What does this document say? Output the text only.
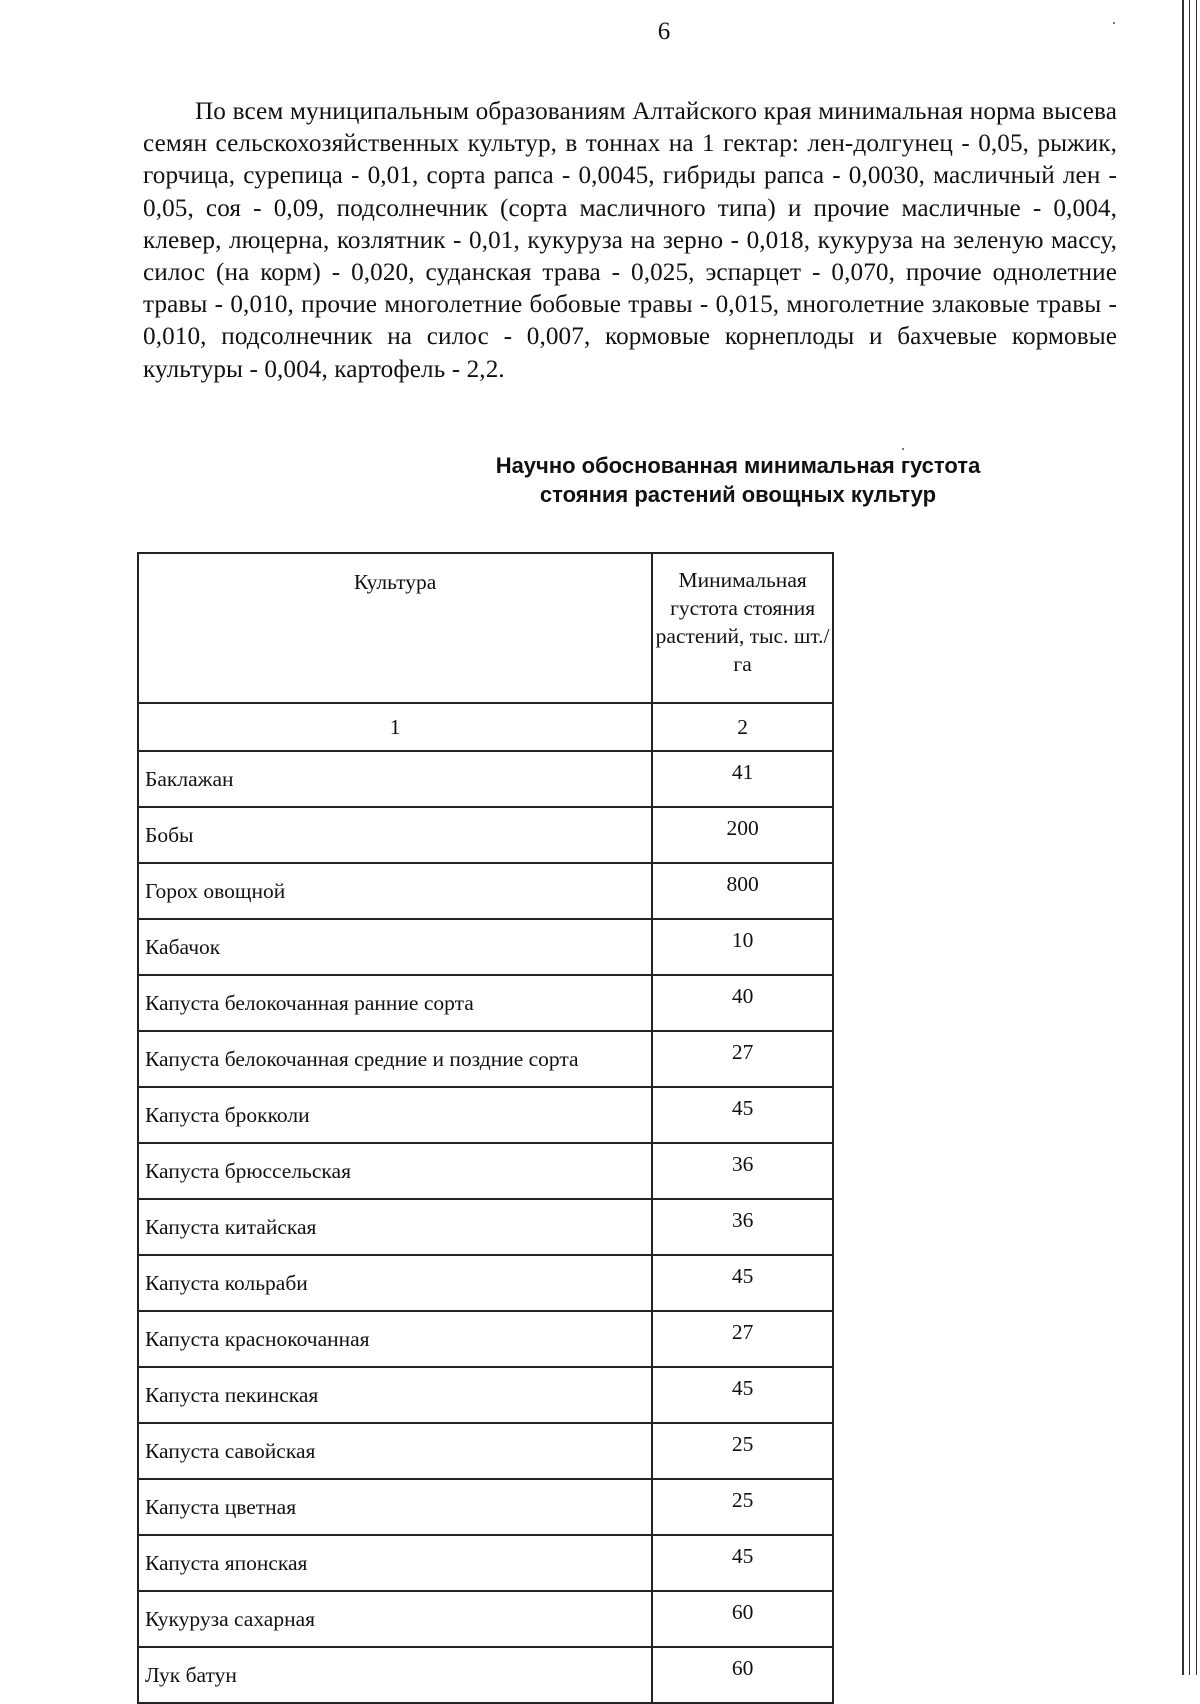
6

По всем муниципальным образованиям Алтайского края минимальная норма высева семян сельскохозяйственных культур, в тоннах на 1 гектар: лен-долгунец - 0,05, рыжик, горчица, сурепица - 0,01, сорта рапса - 0,0045, гибриды рапса - 0,0030, масличный лен - 0,05, соя - 0,09, подсолнечник (сорта масличного типа) и прочие масличные - 0,004, клевер, люцерна, козлятник - 0,01, кукуруза на зерно - 0,018, кукуруза на зеленую массу, силос (на корм) - 0,020, суданская трава - 0,025, эспарцет - 0,070, прочие однолетние травы - 0,010, прочие многолетние бобовые травы - 0,015, многолетние злаковые травы - 0,010, подсолнечник на силос - 0,007, кормовые корнеплоды и бахчевые кормовые культуры - 0,004, картофель - 2,2.

Научно обоснованная минимальная густота
стояния растений овощных культур
Культура	Минимальная густота стояния растений, тыс. шт./га
1	2
Баклажан	41
Бобы	200
Горох овощной	800
Кабачок	10
Капуста белокочанная ранние сорта	40
Капуста белокочанная средние и поздние сорта	27
Капуста брокколи	45
Капуста брюссельская	36
Капуста китайская	36
Капуста кольраби	45
Капуста краснокочанная	27
Капуста пекинская	45
Капуста савойская	25
Капуста цветная	25
Капуста японская	45
Кукуруза сахарная	60
Лук батун	60
